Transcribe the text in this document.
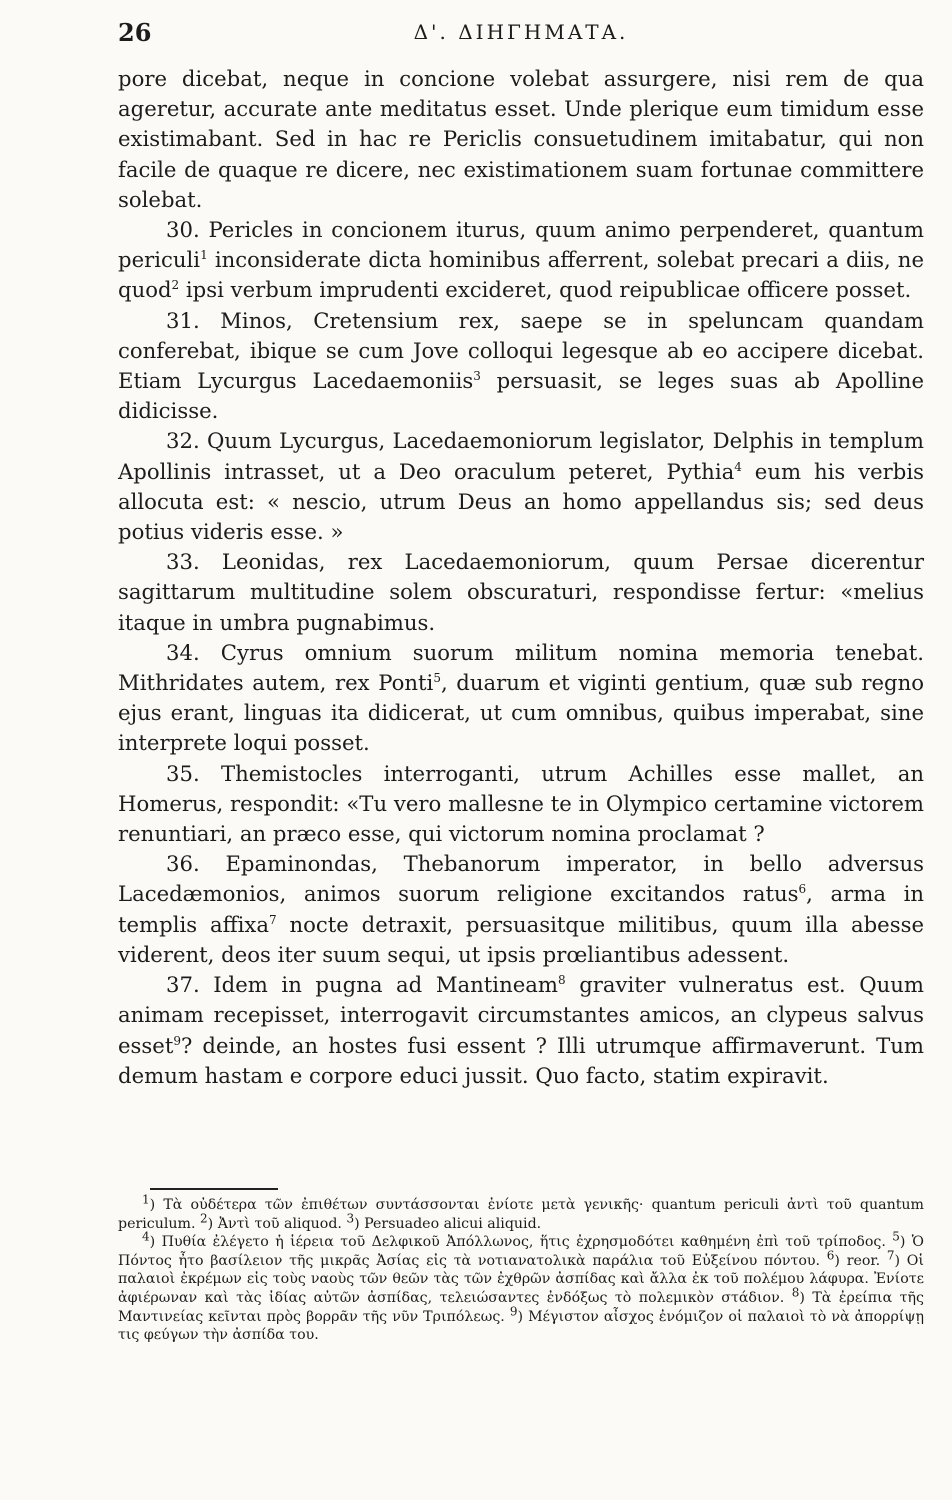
26	Δ'. ΔΙΗΓΗΜΑΤΑ.

pore dicebat, neque in concione volebat assurgere, nisi rem de qua ageretur, accurate ante meditatus esset. Unde plerique eum timidum esse existimabant. Sed in hac re Periclis consuetudinem imitabatur, qui non facile de quaque re dicere, nec existimationem suam fortunae committere solebat.

30. Pericles in concionem iturus, quum animo perpenderet, quantum periculi$^1$ inconsiderate dicta hominibus afferrent, solebat precari a diis, ne quod$^2$ ipsi verbum imprudenti excideret, quod reipublicae officere posset.

31. Minos, Cretensium rex, saepe se in speluncam quandam conferebat, ibique se cum Jove colloqui legesque ab eo accipere dicebat. Etiam Lycurgus Lacedaemoniis$^3$ persuasit, se leges suas ab Apolline didicisse.

32. Quum Lycurgus, Lacedaemoniorum legislator, Delphis in templum Apollinis intrasset, ut a Deo oraculum peteret, Pythia$^4$ eum his verbis allocuta est: « nescio, utrum Deus an homo appellandus sis; sed deus potius videris esse. »

33. Leonidas, rex Lacedaemoniorum, quum Persae dicerentur sagittarum multitudine solem obscuraturi, respondisse fertur: «melius itaque in umbra pugnabimus.

34. Cyrus omnium suorum militum nomina memoria tenebat. Mithridates autem, rex Ponti$^5$, duarum et viginti gentium, quæ sub regno ejus erant, linguas ita didicerat, ut cum omnibus, quibus imperabat, sine interprete loqui posset.

35. Themistocles interroganti, utrum Achilles esse mallet, an Homerus, respondit: «Tu vero mallesne te in Olympico certamine victorem renuntiari, an præco esse, qui victorum nomina proclamat ?

36. Epaminondas, Thebanorum imperator, in bello adversus Lacedæmonios, animos suorum religione excitandos ratus$^6$, arma in templis affixa$^7$ nocte detraxit, persuasitque militibus, quum illa abesse viderent, deos iter suum sequi, ut ipsis prœliantibus adessent.

37. Idem in pugna ad Mantineam$^8$ graviter vulneratus est. Quum animam recepisset, interrogavit circumstantes amicos, an clypeus salvus esset$^9$? deinde, an hostes fusi essent ? Illi utrumque affirmaverunt. Tum demum hastam e corpore educi jussit. Quo facto, statim expiravit.

$^1$) Τὰ οὐδέτερα τῶν ἐπιθέτων συντάσσονται ἐνίοτε μετὰ γενικῆς· quantum periculi ἀντὶ τοῦ quantum periculum. $^2$) Ἀντὶ τοῦ aliquod. $^3$) Persuadeo alicui aliquid.

$^4$) Πυθία ἐλέγετο ἡ ἱέρεια τοῦ Δελφικοῦ Ἀπόλλωνος, ἥτις ἐχρησμοδότει καθημένη ἐπὶ τοῦ τρίποδος. $^5$) Ὁ Πόντος ἦτο βασίλειον τῆς μικρᾶς Ἀσίας εἰς τὰ νοτιανατολικὰ παράλια τοῦ Εὐξείνου πόντου. $^6$) reor. $^7$) Οἱ παλαιοὶ ἐκρέμων εἰς τοὺς ναοὺς τῶν θεῶν τὰς τῶν ἐχθρῶν ἀσπίδας καὶ ἄλλα ἐκ τοῦ πολέμου λάφυρα. Ἐνίοτε ἀφιέρωναν καὶ τὰς ἰδίας αὐτῶν ἀσπίδας, τελειώσαντες ἐνδόξως τὸ πολεμικὸν στάδιον. $^8$) Τὰ ἐρείπια τῆς Μαντινείας κεῖνται πρὸς βορρᾶν τῆς νῦν Τριπόλεως. $^9$) Μέγιστον αἶσχος ἐνόμιζον οἱ παλαιοὶ τὸ νὰ ἀπορρίψῃ τις φεύγων τὴν ἀσπίδα του.
